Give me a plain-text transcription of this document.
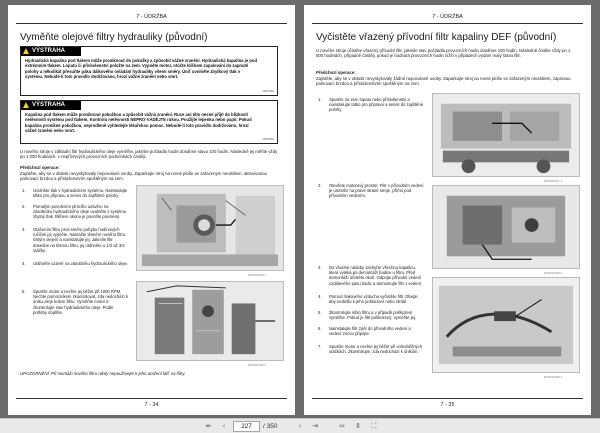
7 - ÚDRŽBA
Vyměňte olejové filtry hydrauliky (původní)
VÝSTRAHA
Hydraulická kapalina pod tlakem může proniknout do pokožky a způsobit vážné zranění. Hydraulická kapalina je pod extrémním tlakem. Lopatu či příslušenství položte na zem. Vypněte motor, otočte klíčkem zapalování do zapnuté polohy a několikát přesuňte páku dálkového ovládání hydrauliky všemi směry. Úniť uvolněte zbytkový tlak v systému. Nebudé-li toto pravidlo dodržováno, hrozí vážné zranění nebo smrt.
W0178A
VÝSTRAHA
Kapalina pod tlakem může proniknout pokožkou a způsobit vážná zranění. Ruce ani tělo nesmí přijít do blízkosti netěsností systému pod tlakem. Kontrolu netěsností NEPRO-VÁDĚJTE rukou. Použijte lepenku nebo papír. Pokud kapalina pronikne pokožkou, neprodleně vyhledejte lékařskou pomoc. Nebudé-li toto pravidlo dodržováno, hrozí vážné zranění nebo smrt.
W0158A
U nového stroje v základní filtr hydraulického oleje vyměňte, jakmile počitadlo hodin dosáhne stavu 100 hodin. Následně jej měňte vždy po 1 000 hodinách, v nepříznivých provozních podmínkách častěji.
Předchozí operace:
Zajistěte, aby se v oblasti nevyskytovaly nepovolané osoby. Zaparkujte stroj na rovné ploše se zařazeným neutrálem, aktivovanou parkovací brzdou a příslušenstvím spuštěným na zem.
1. Uvolněte tlak v hydraulickém systému. Nainstalujte tátko pro připravu a servis do zajištěné polohy.
2. Pomalým povolením plnicího uzávěru na zásobníku hydraulického oleje uvolněte z systému zbytný tlak. Během úkonu je povolíte povolený.
3. Otáčením filtru proti směru pohybu hodinových ručiček jej vyjměte. Namažte těsnění nového filtru čistým olejem a nainstalujte jej. Jakmile filtr dosedne na těsnou filtru, jej utáhněte o 1/2 až 3/4 otáčky.
4. Utáhněte uzávěr na zásobníku hydraulického oleje.
5. Spusťte motor a nechte jej běžet při 1000 RPM. Nechte pomocníkem zkontrolovat, zda nedochází k úniku oleje kolem filtru. Vyměňte motor a zkontrolujte stav hydraulického oleje. Podle potřeby doplňte.
RCPH12345 1
RCPH12346 2
UPOZORNĚNÍ: Při montáži nového filtru nikdy nepoužívejte k jeho utažení klíč na filtry.
7 - 34
7 - ÚDRŽBA
Vyčistěte vřazený přívodní filtr kapaliny DEF (původní)
U nového stroje očistěte vřazený přívodní filtr, jakmile stav počitadla provozních hodin dosáhne 100 hodin. Následně čistěte vždy po 1 500 hodinách, případně častěji, pokud je hodnota provozních hodin nižší v případech vydání maly stavu filtr.
Předchozí operace:
Zajistěte, aby se v oblasti nevyskytovaly žádné nepovolané osoby. Zaparkujte stroj na rovné ploše se zařazeným neutrálem, zapnutou parkovací brzdou a příslušenstvím spuštěným na zem.
1. Spusťte na zem lopatu nebo příslušenství a nainstalujte tátko pro připravu a servis do zajištěné polohy.
2. Otevřete motorový prostor. Filtr v přívodním vedení je umístěn na pravé straně stroje, přímo pod přívodním vedením.
3. Do vhodné nádoby zachyťte všechnu kapalinu, která vytéká po demontáži hadice u filtru. Před demontáží očistěte okolí. Odpojte přívodní vedení vzdáleného pásu hadic a demontujte filtr z vedení.
4. Pomocí tlakového vzduchu vyčistěte filtr. Dbejte, aby nedošlo k jeho poškození nebo ztrátě.
5. Zkontrolujte sítko filtru a v případě poškození vyměňte. Pokud je filtr poškozený, vyměňte jej.
6. Nainstalujte filtr zpět do přívodního vedení a vedení znovu připojte.
7. Spusťte motor a nechte jej běžet při volnoběžných otáčkách. Zkontrolujte, zda nedochází k únikům.
RCPH12347 1
RCPH12348 2
RCPH12349 3
7 - 35
⇤	‹	227	/ 350	›	⇥	⬄	⇕	⛶
